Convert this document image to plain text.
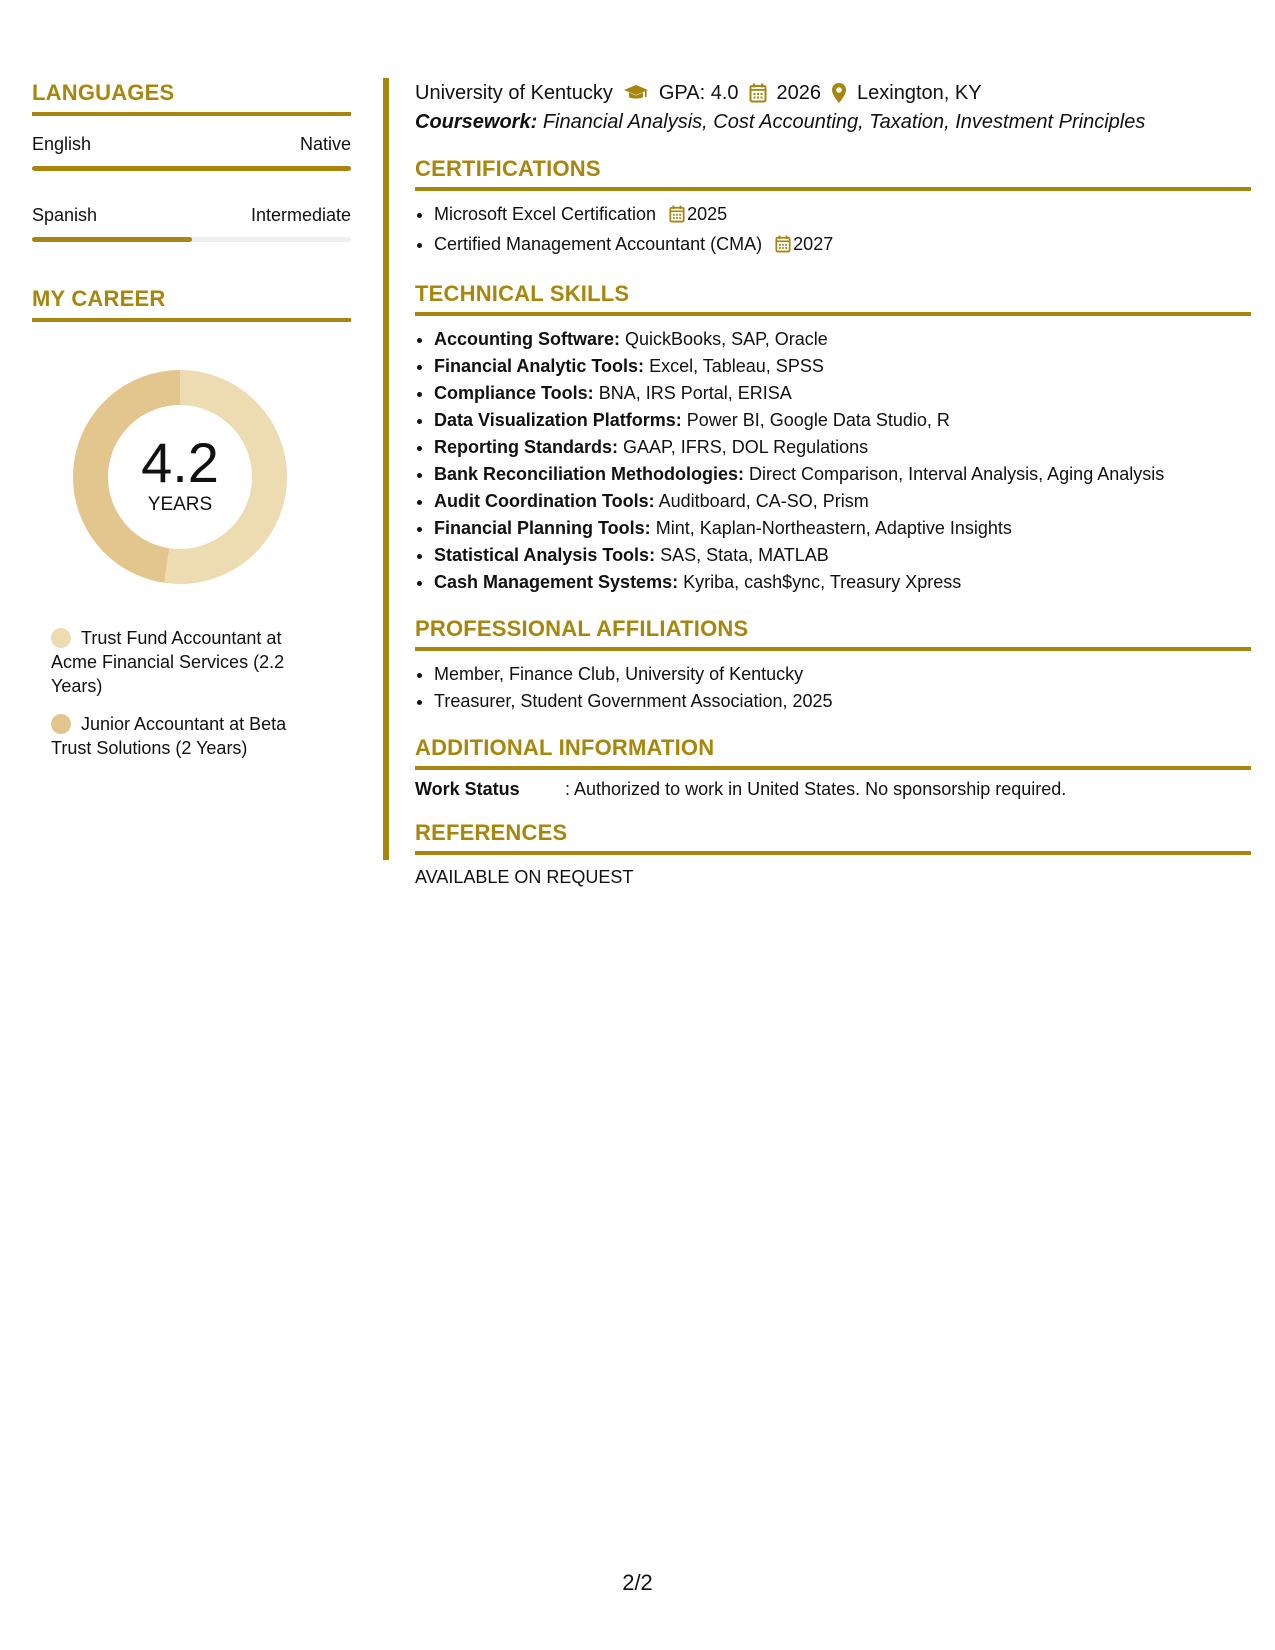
LANGUAGES
English	Native
Spanish	Intermediate
MY CAREER
4.2
YEARS
Trust Fund Accountant at Acme Financial Services (2.2 Years)
Junior Accountant at Beta Trust Solutions (2 Years)
University of Kentucky GPA: 4.0 2026 Lexington, KY
Coursework: Financial Analysis, Cost Accounting, Taxation, Investment Principles
CERTIFICATIONS
• Microsoft Excel Certification 2025
• Certified Management Accountant (CMA) 2027
TECHNICAL SKILLS
• Accounting Software: QuickBooks, SAP, Oracle
• Financial Analytic Tools: Excel, Tableau, SPSS
• Compliance Tools: BNA, IRS Portal, ERISA
• Data Visualization Platforms: Power BI, Google Data Studio, R
• Reporting Standards: GAAP, IFRS, DOL Regulations
• Bank Reconciliation Methodologies: Direct Comparison, Interval Analysis, Aging Analysis
• Audit Coordination Tools: Auditboard, CA-SO, Prism
• Financial Planning Tools: Mint, Kaplan-Northeastern, Adaptive Insights
• Statistical Analysis Tools: SAS, Stata, MATLAB
• Cash Management Systems: Kyriba, cash$ync, Treasury Xpress
PROFESSIONAL AFFILIATIONS
• Member, Finance Club, University of Kentucky
• Treasurer, Student Government Association, 2025
ADDITIONAL INFORMATION
Work Status	: Authorized to work in United States. No sponsorship required.
REFERENCES
AVAILABLE ON REQUEST
2/2
